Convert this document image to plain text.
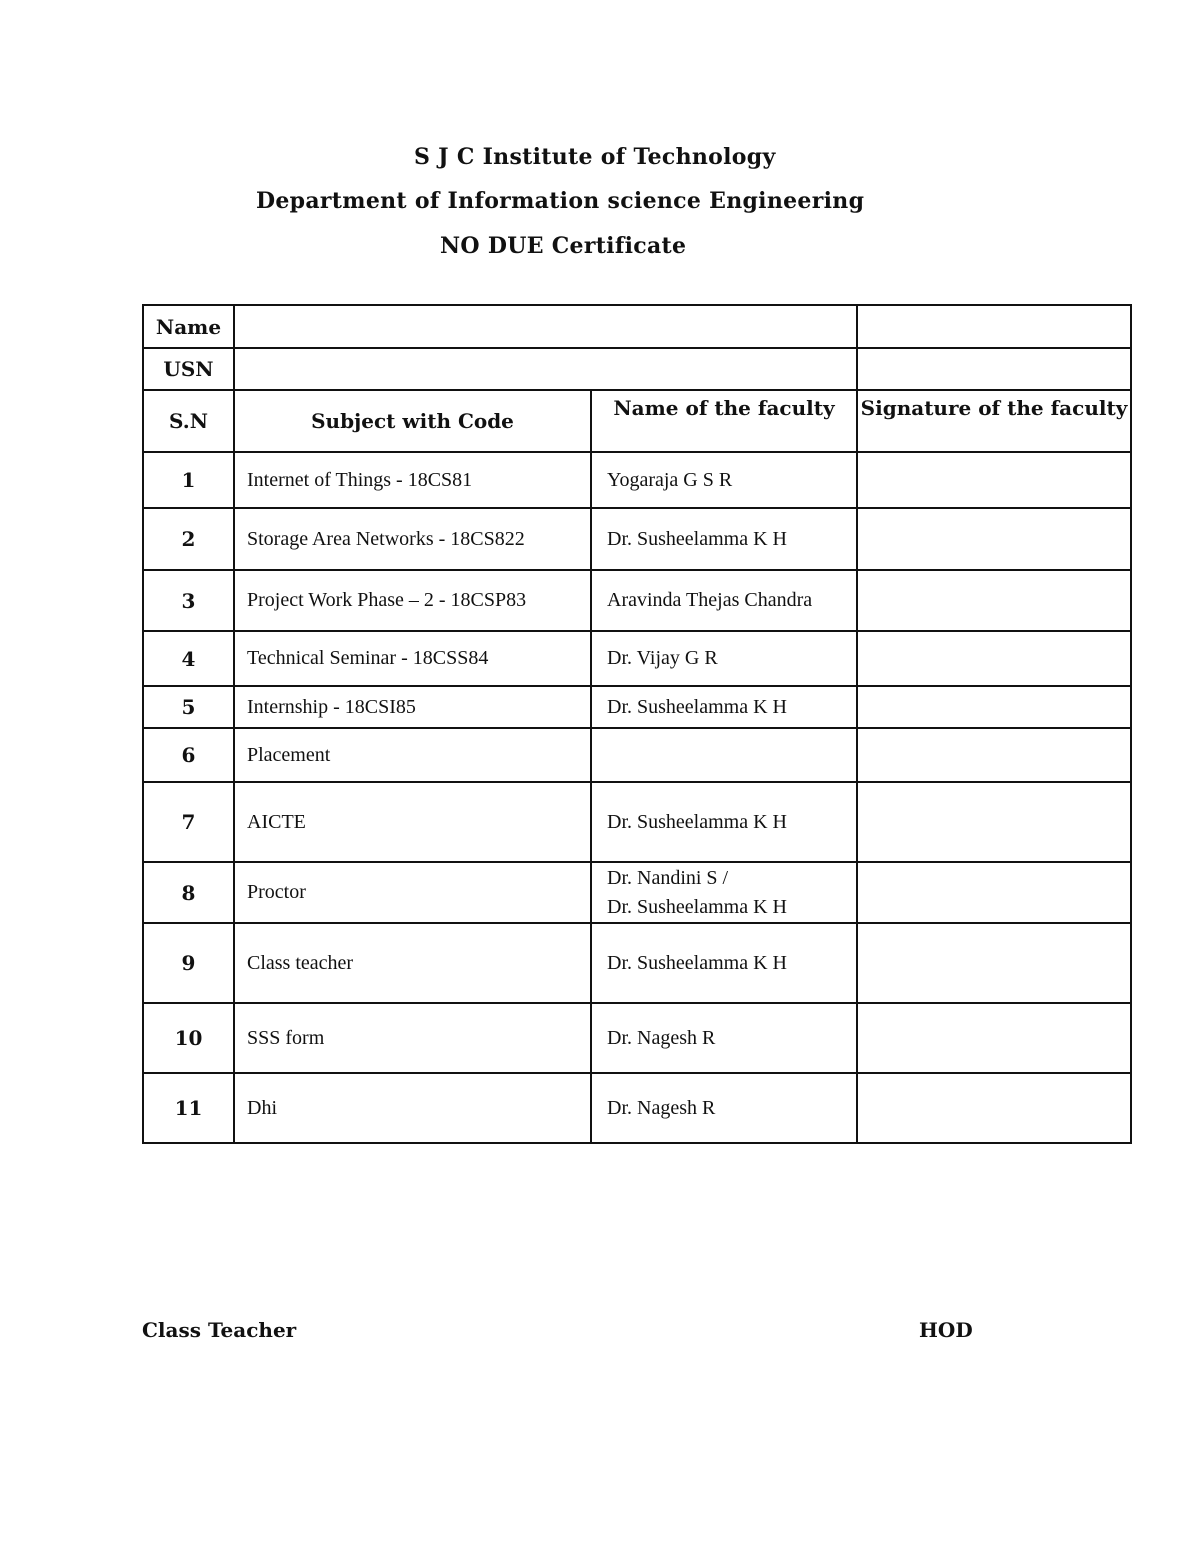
S J C Institute of Technology
Department of Information science Engineering
NO DUE Certificate
Name			
USN			
S.N	Subject with Code	Name of the faculty	Signature of the faculty
1	Internet of Things - 18CS81	Yogaraja G S R	

2	Storage Area Networks - 18CS822	Dr. Susheelamma K H	

3	Project Work Phase – 2 - 18CSP83	Aravinda Thejas Chandra	

4	Technical Seminar - 18CSS84	Dr. Vijay G R	

5	Internship - 18CSI85	Dr. Susheelamma K H	

6	Placement	

7	AICTE	Dr. Susheelamma K H	

8	Proctor	Dr. Nandini S /
Dr. Susheelamma K H	

9	Class teacher	Dr. Susheelamma K H	

10	SSS form	Dr. Nagesh R	

11	Dhi	Dr. Nagesh R	

Class Teacher	HOD
